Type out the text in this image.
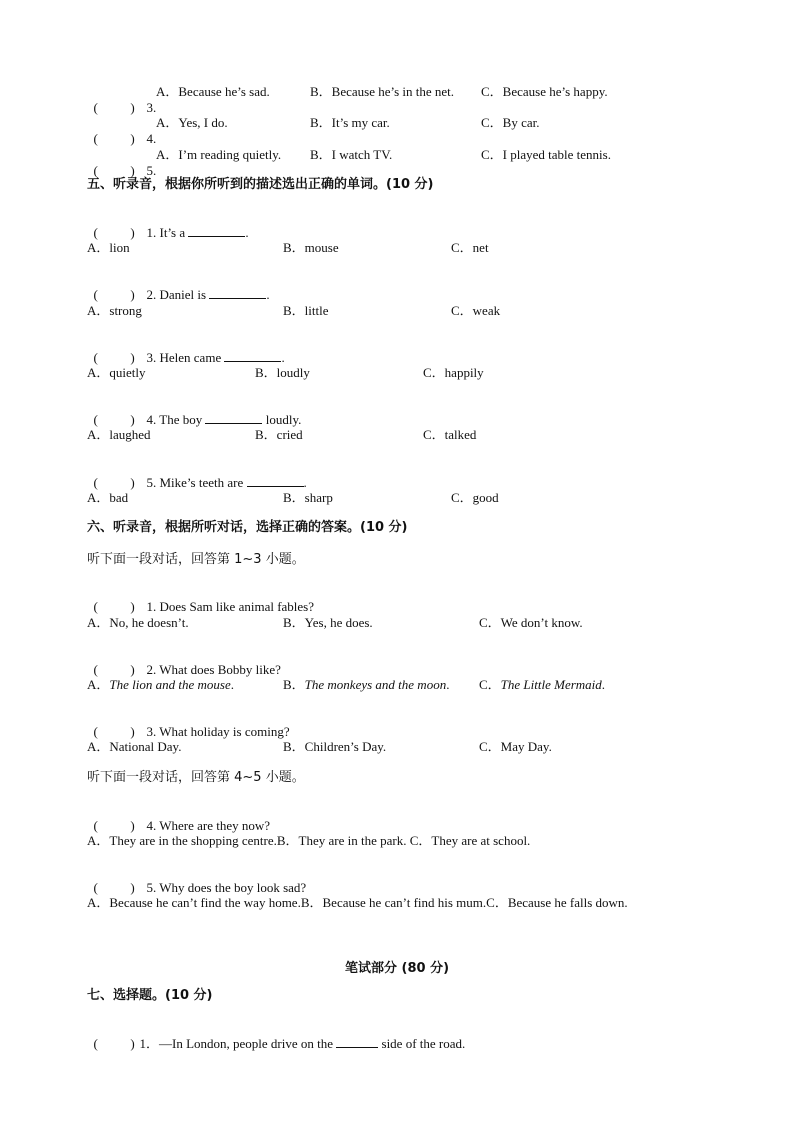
(          ) 3.

A．Because he’s sad.	B．Because he’s in the net. C．Because he’s happy.

(          ) 4.

A．Yes, I do.	B．It’s my car.	C．By car.

(          ) 5.

A．I’m reading quietly. B．I watch TV.	C．I played table tennis.
五、听录音，根据你所听到的描述选出正确的单词。(10 分)

(          ) 1. It’s a	.

A．lion	B．mouse	C．net

(          ) 2. Daniel is	.

A．strong	B．little	C．weak

(          ) 3. Helen came	.

A．quietly	B．loudly	C．happily

(          ) 4. The boy	loudly.

A．laughed	B．cried	C．talked

(          ) 5. Mike’s teeth are	.

A．bad	B．sharp	C．good
六、听录音，根据所听对话，选择正确的答案。(10 分)
听下面一段对话，回答第 1~3 小题。

(          ) 1. Does Sam like animal fables?

A．No, he doesn’t.	B．Yes, he does.	C．We don’t know.

(          ) 2. What does Bobby like?

A．The lion and the mouse.	B．The monkeys and the moon. C．The Little Mermaid.

(          ) 3. What holiday is coming?

A．National Day.	B．Children’s Day.	C．May Day.
听下面一段对话，回答第 4~5 小题。

(          ) 4. Where are they now?

A．They are in the shopping centre.B．They are in the park. C．They are at school.

(          ) 5. Why does the boy look sad?

A．Because he can’t find the way home.B．Because he can’t find his mum.C．Because he falls down.
笔试部分 (80 分)
七、选择题。(10 分)

(          ) 1．—In London, people drive on the	side of the road.
